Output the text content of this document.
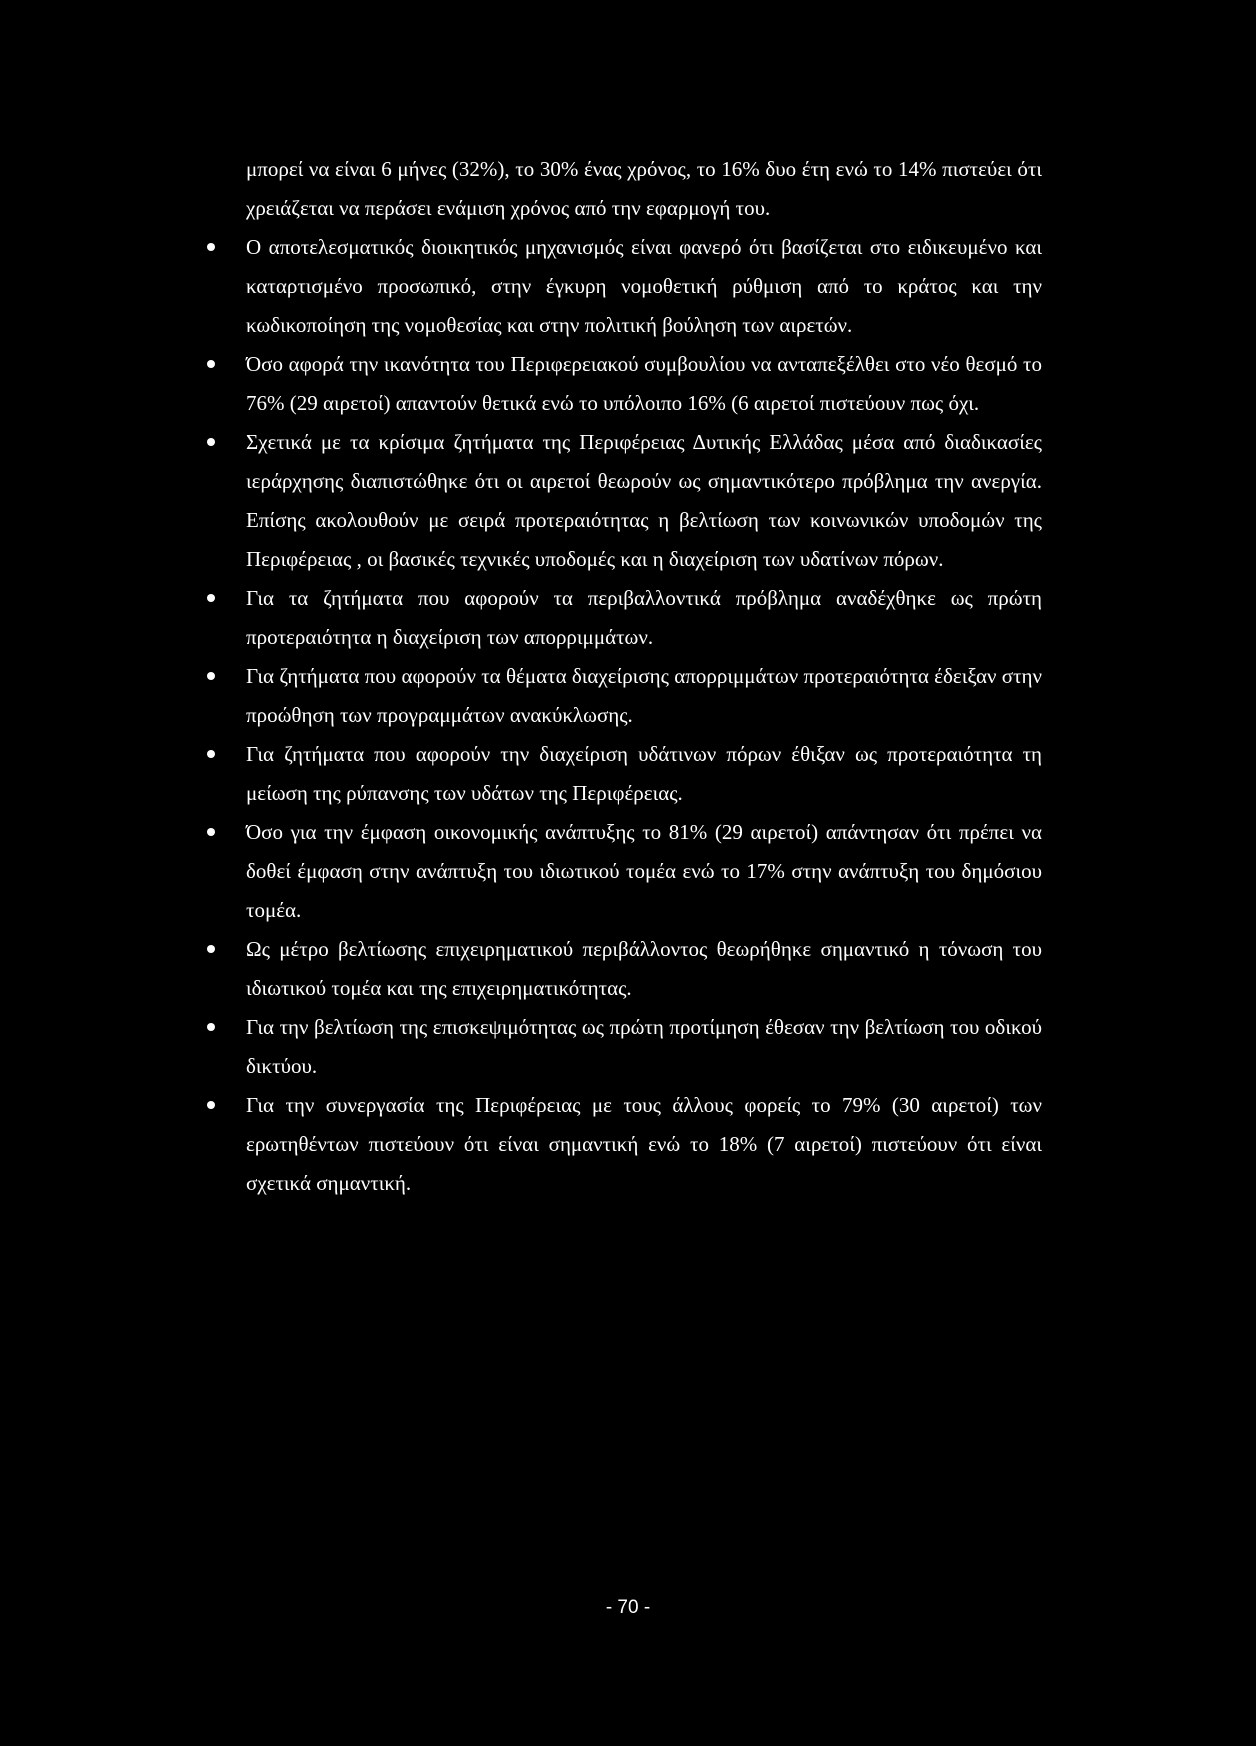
μπορεί να είναι 6 μήνες (32%), το 30% ένας χρόνος, το 16% δυο έτη ενώ το 14% πιστεύει ότι χρειάζεται να περάσει ενάμιση χρόνος από την εφαρμογή του.

Ο αποτελεσματικός διοικητικός μηχανισμός είναι φανερό ότι βασίζεται στο ειδικευμένο και καταρτισμένο προσωπικό, στην έγκυρη νομοθετική ρύθμιση από το κράτος και την κωδικοποίηση της νομοθεσίας και στην πολιτική βούληση των αιρετών.
Όσο αφορά την ικανότητα του Περιφερειακού συμβουλίου να ανταπεξέλθει στο νέο θεσμό το 76% (29 αιρετοί) απαντούν θετικά ενώ το υπόλοιπο 16% (6 αιρετοί πιστεύουν πως όχι.
Σχετικά με τα κρίσιμα ζητήματα της Περιφέρειας Δυτικής Ελλάδας μέσα από διαδικασίες ιεράρχησης διαπιστώθηκε ότι οι αιρετοί θεωρούν ως σημαντικότερο πρόβλημα την ανεργία. Επίσης ακολουθούν με σειρά προτεραιότητας η βελτίωση των κοινωνικών υποδομών της Περιφέρειας , οι βασικές τεχνικές υποδομές και η διαχείριση των υδατίνων πόρων.
Για τα ζητήματα που αφορούν τα περιβαλλοντικά πρόβλημα αναδέχθηκε ως πρώτη προτεραιότητα η διαχείριση των απορριμμάτων.
Για ζητήματα που αφορούν τα θέματα διαχείρισης απορριμμάτων προτεραιότητα έδειξαν στην προώθηση των προγραμμάτων ανακύκλωσης.
Για ζητήματα που αφορούν την διαχείριση υδάτινων πόρων έθιξαν ως προτεραιότητα τη μείωση της ρύπανσης των υδάτων της Περιφέρειας.
Όσο για την έμφαση οικονομικής ανάπτυξης το 81% (29 αιρετοί) απάντησαν ότι πρέπει να δοθεί έμφαση στην ανάπτυξη του ιδιωτικού τομέα ενώ το 17% στην ανάπτυξη του δημόσιου τομέα.
Ως μέτρο βελτίωσης επιχειρηματικού περιβάλλοντος θεωρήθηκε σημαντικό η τόνωση του ιδιωτικού τομέα και της επιχειρηματικότητας.
Για την βελτίωση της επισκεψιμότητας ως πρώτη προτίμηση έθεσαν την βελτίωση του οδικού δικτύου.
Για την συνεργασία της Περιφέρειας με τους άλλους φορείς το 79% (30 αιρετοί) των ερωτηθέντων πιστεύουν ότι είναι σημαντική ενώ το 18% (7 αιρετοί) πιστεύουν ότι είναι σχετικά σημαντική.
- 70 -
